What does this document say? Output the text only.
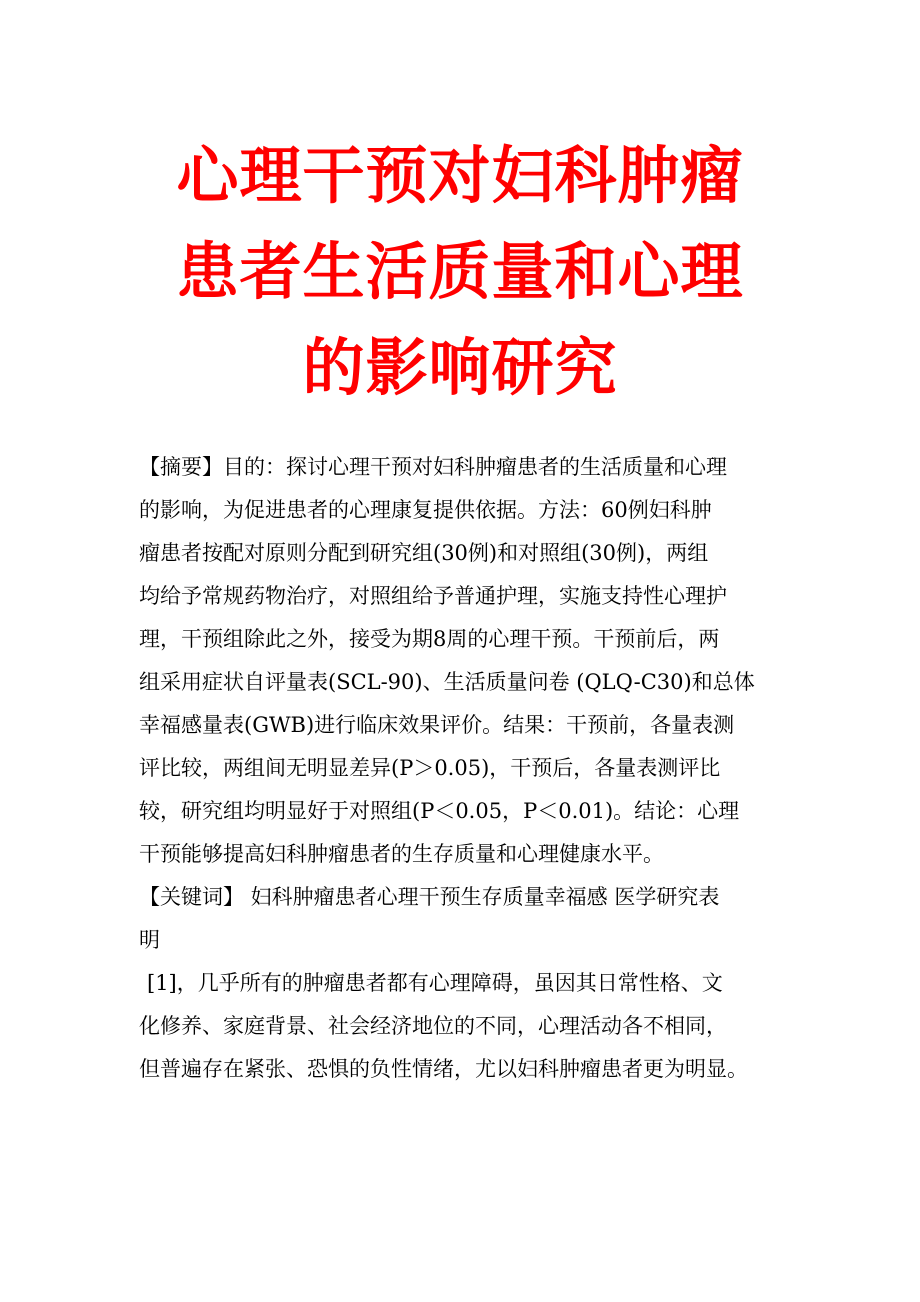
心理干预对妇科肿瘤
患者生活质量和心理
的影响研究
【摘要】目的：探讨心理干预对妇科肿瘤患者的生活质量和心理
的影响，为促进患者的心理康复提供依据。方法：60例妇科肿
瘤患者按配对原则分配到研究组(30例)和对照组(30例)，两组
均给予常规药物治疗，对照组给予普通护理，实施支持性心理护
理，干预组除此之外，接受为期8周的心理干预。干预前后，两
组采用症状自评量表(SCL-90)、生活质量问卷 (QLQ-C30)和总体
幸福感量表(GWB)进行临床效果评价。结果：干预前，各量表测
评比较，两组间无明显差异(P＞0.05)，干预后，各量表测评比
较，研究组均明显好于对照组(P＜0.05，P＜0.01)。结论：心理
干预能够提高妇科肿瘤患者的生存质量和心理健康水平。
【关键词】 妇科肿瘤患者心理干预生存质量幸福感 医学研究表
明
[1]，几乎所有的肿瘤患者都有心理障碍，虽因其日常性格、文
化修养、家庭背景、社会经济地位的不同，心理活动各不相同，
但普遍存在紧张、恐惧的负性情绪，尤以妇科肿瘤患者更为明显。
